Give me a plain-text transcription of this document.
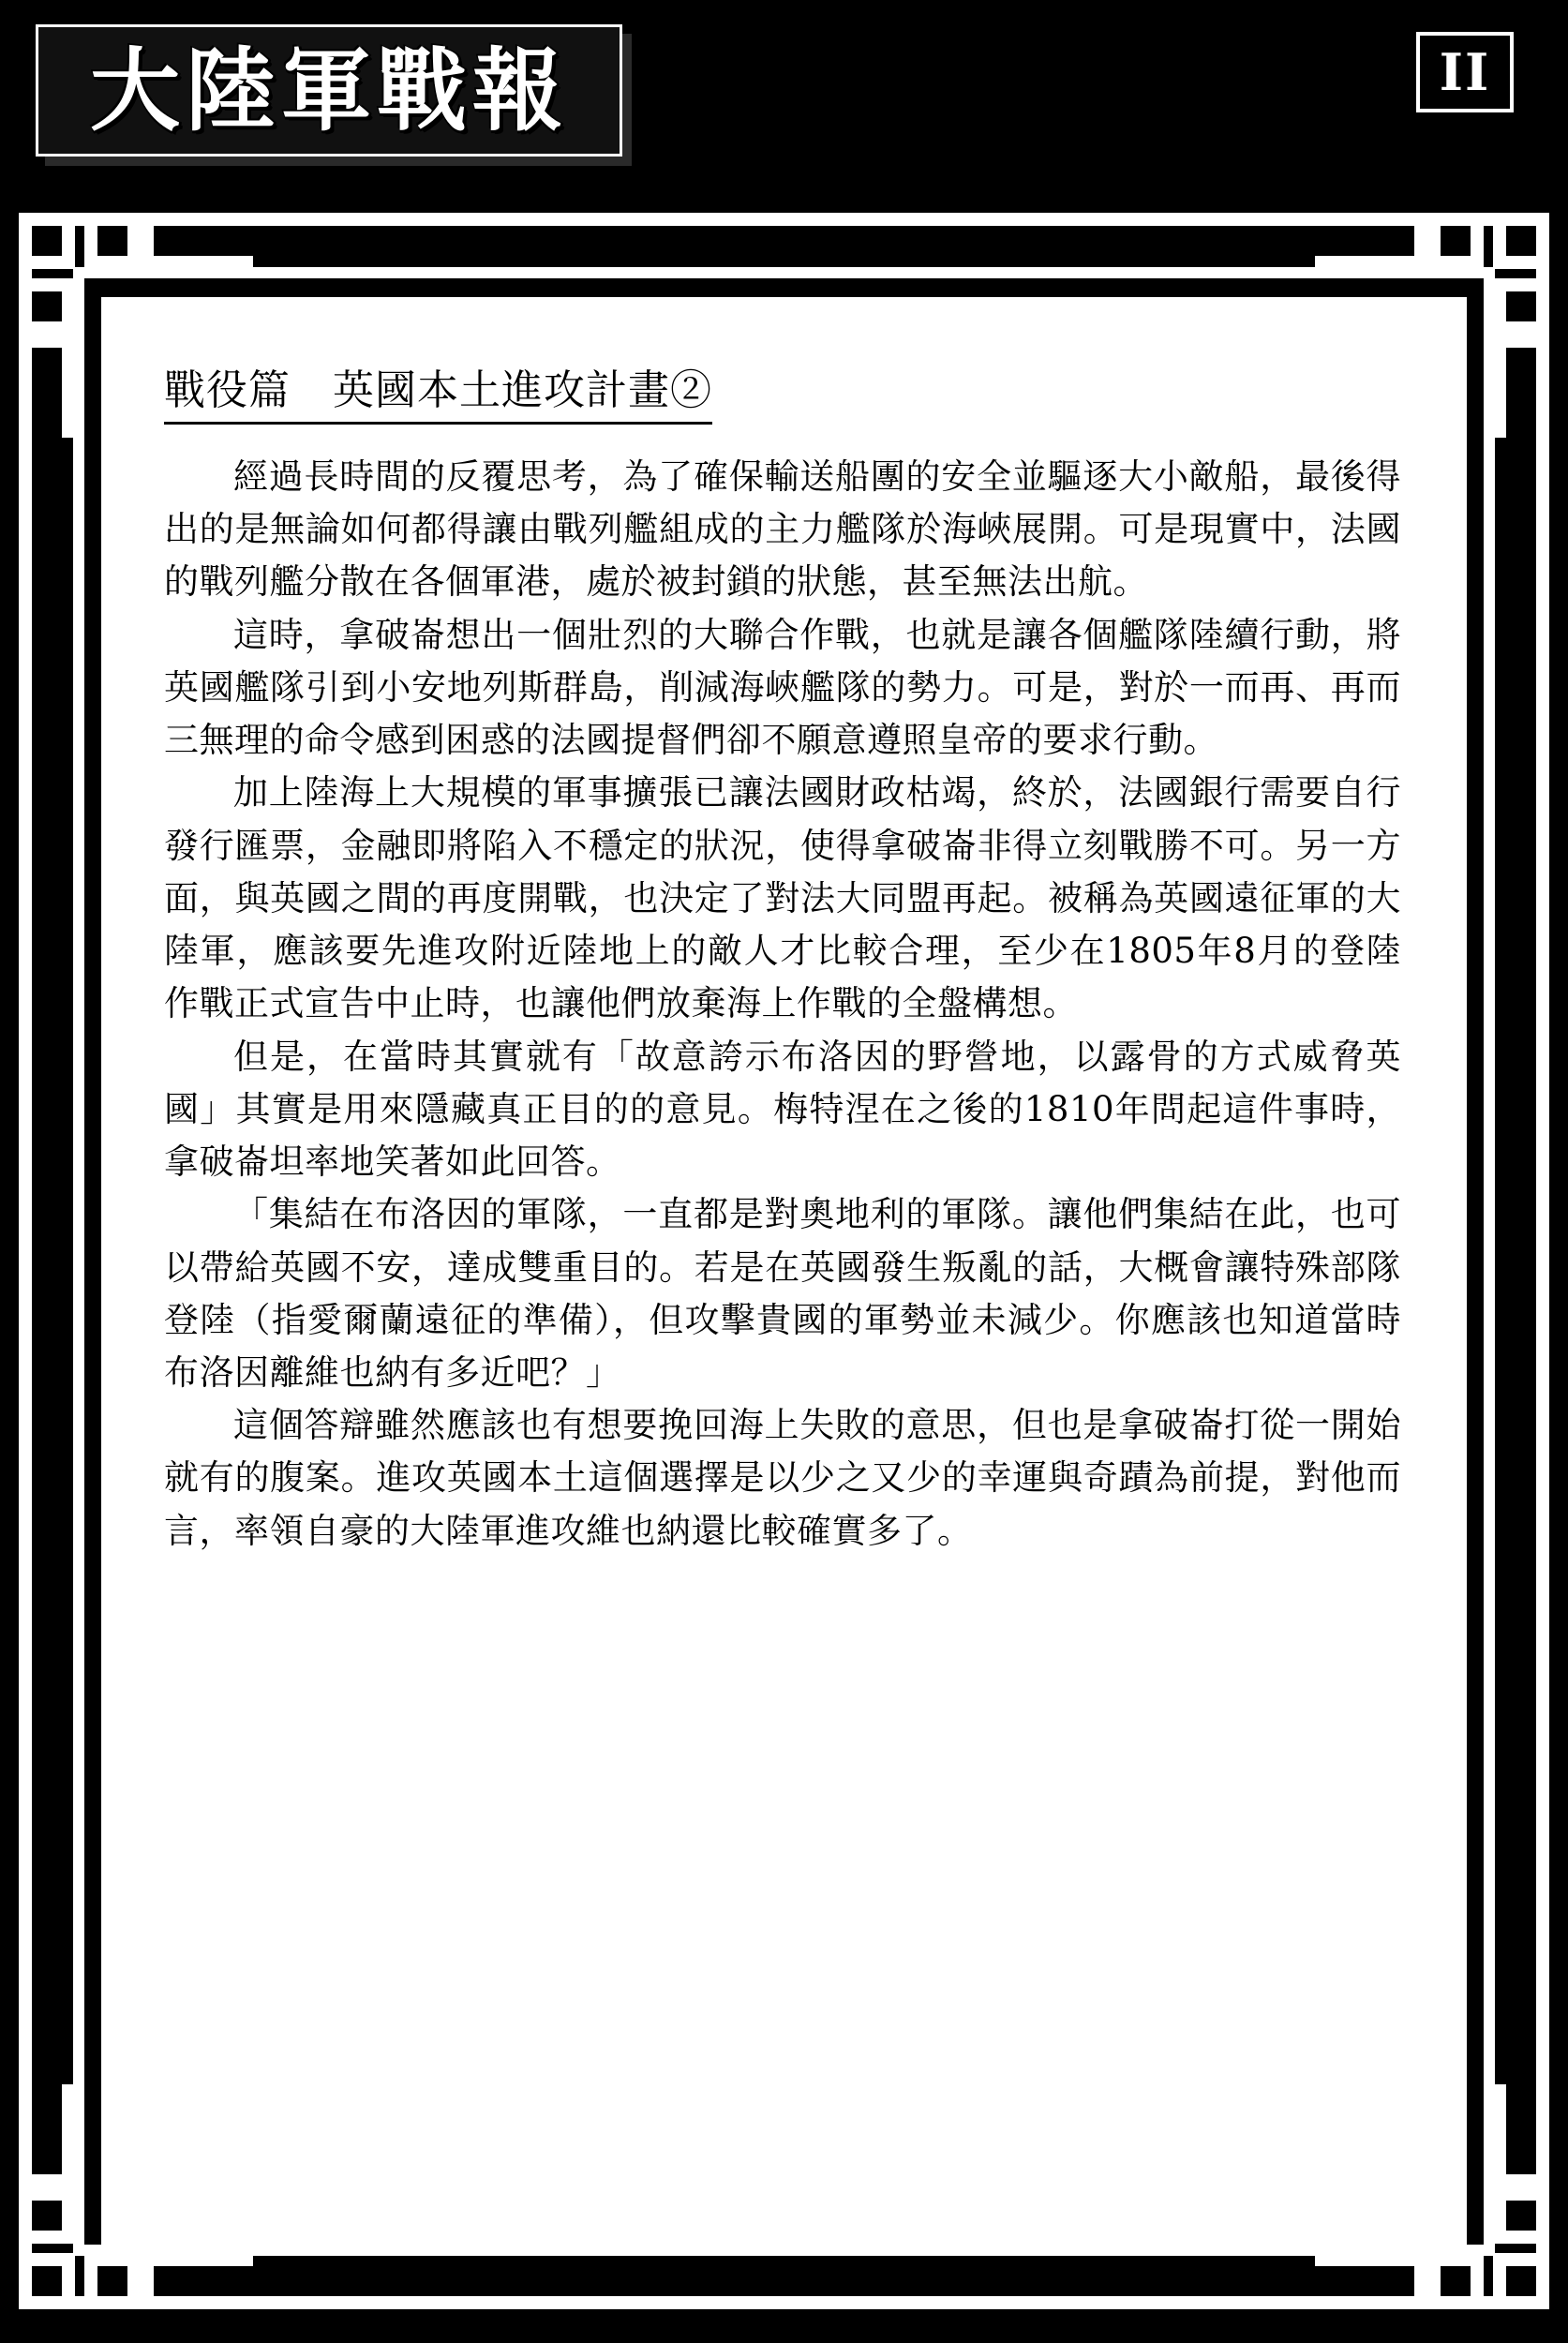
大陸軍戰報	II
戰役篇　英國本土進攻計畫②

經過長時間的反覆思考，為了確保輸送船團的安全並驅逐大小敵船，最後得出的是無論如何都得讓由戰列艦組成的主力艦隊於海峽展開。可是現實中，法國的戰列艦分散在各個軍港，處於被封鎖的狀態，甚至無法出航。

這時，拿破崙想出一個壯烈的大聯合作戰，也就是讓各個艦隊陸續行動，將英國艦隊引到小安地列斯群島，削減海峽艦隊的勢力。可是，對於一而再、再而三無理的命令感到困惑的法國提督們卻不願意遵照皇帝的要求行動。

加上陸海上大規模的軍事擴張已讓法國財政枯竭，終於，法國銀行需要自行發行匯票，金融即將陷入不穩定的狀況，使得拿破崙非得立刻戰勝不可。另一方面，與英國之間的再度開戰，也決定了對法大同盟再起。被稱為英國遠征軍的大陸軍，應該要先進攻附近陸地上的敵人才比較合理，至少在1805年8月的登陸作戰正式宣告中止時，也讓他們放棄海上作戰的全盤構想。

但是，在當時其實就有「故意誇示布洛因的野營地，以露骨的方式威脅英國」其實是用來隱藏真正目的的意見。梅特涅在之後的1810年問起這件事時，拿破崙坦率地笑著如此回答。

「集結在布洛因的軍隊，一直都是對奧地利的軍隊。讓他們集結在此，也可以帶給英國不安，達成雙重目的。若是在英國發生叛亂的話，大概會讓特殊部隊登陸（指愛爾蘭遠征的準備），但攻擊貴國的軍勢並未減少。你應該也知道當時布洛因離維也納有多近吧？」

這個答辯雖然應該也有想要挽回海上失敗的意思，但也是拿破崙打從一開始就有的腹案。進攻英國本土這個選擇是以少之又少的幸運與奇蹟為前提，對他而言，率領自豪的大陸軍進攻維也納還比較確實多了。
